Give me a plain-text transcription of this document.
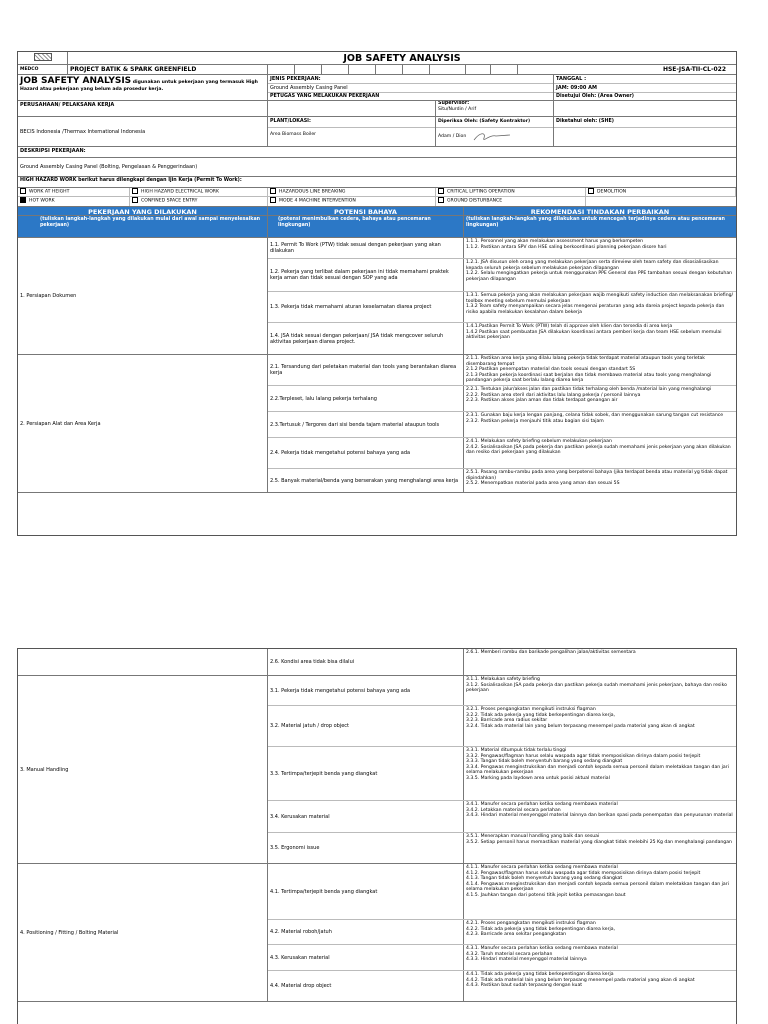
JOB SAFETY ANALYSIS
MEDCO	PROJECT BATIK & SPARK GREENFIELD	HSE-JSA-TII-CL-022
JOB SAFETY ANALYSIS digunakan untuk pekerjaan yang termasuk High
Hazard atau pekerjaan yang belum ada prosedur kerja.
JENIS PEKERJAAN:
Ground Assembly Casing Panel
PETUGAS YANG MELAKUKAN PEKERJAAN
TANGGAL :
JAM: 09:00 AM
Disetujui Oleh: (Area Owner)
PERUSAHAAN/ PELAKSANA KERJA	Supervisor:
Situ/Nurdin / Arif
BECIS Indonesia /Thermax International Indonesia
PLANT/LOKASI:
Area Biomass Boiler
Diperiksa Oleh: (Safety Kontraktor)
Adam / Dion
Diketahui oleh: (SHE)
DESKRIPSI PEKERJAAN:
Ground Assembly Casing Panel (Bolting, Pengelasan & Penggerindaan)
HIGH HAZARD WORK berikut harus dilengkapi dengan Ijin Kerja (Permit To Work):
WORK AT HEIGHT	HIGH HAZARD ELECTRICAL WORK	HAZARDOUS LINE BREAKING	CRITICAL LIFTING OPERATION	DEMOLITION
HOT WORK	CONFINED SPACE ENTRY	MODE 4 MACHINE INTERVENTION	GROUND DISTURBANCE
PEKERJAAN YANG DILAKUKAN	POTENSI BAHAYA	REKOMENDASI TINDAKAN PERBAIKAN
(tuliskan langkah-langkah yang dilakukan mulai dari awal sampai menyelesaikan pekerjaan)
(potensi menimbulkan cedera, bahaya atau pencemaran lingkungan)
(tuliskan langkah-langkah yang dilakukan untuk mencegah terjadinya cedera atau pencemaran lingkungan)
1. Persiapan Dokumen
1.1. Permit To Work (PTW) tidak sesuai dengan pekerjaan yang akan dilakukan
1.1.1. Personnel yang akan melakukan assessment harus yang berkompeten
1.1.2. Pastikan antara SPV dan HSE saling berkoordinasi planning pekerjaan disore hari
1.2. Pekerja yang terlibat dalam pekerjaan ini tidak memahami praktek kerja aman dan tidak sesuai dengan SOP yang ada
1.2.1. JSA disusun oleh orang yang melakukan pekerjaan serta direview oleh team safety dan disosialisasikan kepada seluruh pekerja sebelum melakukan pekerjaan dilapangan
1.2.2. Selalu mengingatkan pekerja untuk menggunakan PPE General dan PPE tambahan sesuai dengan kebutuhan pekerjaan dilapangan
1.3. Pekerja tidak memahami aturan keselamatan diarea project
1.3.1. Semua pekerja yang akan melakukan pekerjaan wajib mengikuti safety induction dan melaksanakan briefing/ toolbox meeting sebelum memulai pekerjaan
1.3.2 Team safety menyampaikan secara jelas mengenai peraturan yang ada dareia project kepada pekerja dan risiko apabila melakukan kesalahan dalam bekerja
1.4. JSA tidak sesuai dengan pekerjaan/ JSA tidak mengcover seluruh aktivitas pekerjaan diarea project.
1.4.1.Pastikan Permit To Work (PTW) telah di approve oleh klien dan tersedia di area kerja
1.4.2 Pastikan saat pembuatan JSA dilakukan koordinasi antara pemberi kerja dan team HSE sebelum memulai aktivitas pekerjaan
2. Persiapan Alat dan Area Kerja
2.1. Tersandung dari peletakan material dan tools yang berantakan diarea kerja
2.1.1. Pastikan area kerja yang dilalu lalang pekerja tidak terdapat material ataupun tools yang terletak disembarang tempat
2.1.2 Pastikan penempatan material dan tools sesuai dengan standart 5S
2.1.3 Pastikan pekerja koordinasi saat berjalan dan tidak membawa material atau tools yang menghalangi pandangan pekerja saat berlalu lalang diarea kerja
2.2.Terpleset, lalu lalang pekerja terhalang
2.2.1. Tentukan jalur/akses jalan dan pastikan tidak terhalang oleh benda /material lain yang menghalangi
2.2.2. Pastikan area steril dari aktivitas lalu lalang pekerja / personil lainnya
2.2.3. Pastikan akses jalan aman dan tidak terdapat genangan air
2.3.Tertusuk / Tergores dari sisi benda tajam material ataupun tools
2.3.1. Gunakan baju kerja lengan panjang, celana tidak sobek, dan menggunakan sarung tangan cut resistance
2.3.2. Pastikan pekerja menjauhi titik atau bagian sisi tajam
2.4. Pekerja tidak mengetahui potensi bahaya yang ada
2.4.1. Melakukan safety briefing sebelum melakukan pekerjaan
2.4.2. Sosialisasikan JSA pada pekerja dan pastikan pekerja sudah memahami jenis pekerjaan yang akan dilakukan dan resiko dari pekerjaan yang dilakukan
2.5. Banyak material/benda yang berserakan yang menghalangi area kerja
2.5.1. Pasang rambu-rambu pada area yang berpotensi bahaya (jika terdapat benda atau material yg tidak dapat dipindahkan)
2.5.2. Menempatkan material pada area yang aman dan sesuai 5S
2.6. Kondisi area tidak bisa dilalui
2.6.1. Memberi rambu dan barikade pengalihan jalan/aktivitas sementara
3. Manual Handling
3.1. Pekerja tidak mengetahui potensi bahaya yang ada
3.1.1. Melakukan safety briefing
3.1.2. Sosialisasikan JSA pada pekerja dan pastikan pekerja sudah memahami jenis pekerjaan, bahaya dan resiko pekerjaan
3.2. Material jatuh / drop object
3.2.1. Proses pengangkatan mengikuti instruksi flagman
3.2.2. Tidak ada pekerja yang tidak berkepentingan diarea kerja,
3.2.3. Barricade area radius sekitar
3.2.4. Tidak ada material lain yang belum terpasang menempel pada material yang akan di angkat
3.3. Tertimpa/terjepit benda yang diangkat
3.3.1. Material ditumpuk tidak terlalu tinggi
3.3.2. Pengawas/flagman harus selalu waspada agar tidak memposisikan dirinya dalam posisi terjepit
3.3.3. Tangan tidak boleh menyentuh barang yang sedang diangkat
3.3.4. Pengawas menginstruksikan dan menjadi contoh kepada semua personil dalam meletakkan tangan dan jari selama melakukan pekerjaan
3.3.5. Marking pada laydown area untuk posisi aktual material
3.4. Kerusakan material
3.4.1. Manufer secara perlahan ketika sedang membawa material
3.4.2. Letakkan material secara perlahan
3.4.3. Hindari material menyenggol material lainnya dan berikan spasi pada penempatan dan penyusunan material
3.5. Ergonomi issue
3.5.1. Menerapkan manual handling yang baik dan sesuai
3.5.2. Setiap personil harus memastikan material yang diangkat tidak melebihi 25 Kg dan menghalangi pandangan
4. Positioning / Fitting / Bolting Material
4.1. Tertimpa/terjepit benda yang diangkat
4.1.1. Manufer secara perlahan ketika sedang membawa material
4.1.2. Pengawas/flagman harus selalu waspada agar tidak memposisikan dirinya dalam posisi terjepit
4.1.3. Tangan tidak boleh menyentuh barang yang sedang diangkat
4.1.4. Pengawas menginstruksikan dan menjadi contoh kepada semua personil dalam meletakkan tangan dan jari selama melakukan pekerjaan
4.1.5. Jauhkan tangan dari potensi titik jepit ketika pemasangan baut
4.2. Material roboh/jatuh
4.2.1. Proses pengangkatan mengikuti instruksi flagman
4.2.2. Tidak ada pekerja yang tidak berkepentingan diarea kerja,
4.2.3. Barricade area sekitar pengangkatan
4.3. Kerusakan material
4.3.1. Manufer secara perlahan ketika sedang membawa material
4.3.2. Taruh material secara perlahan
4.3.3. Hindari material menyenggol material lainnya
4.4. Material drop object
4.4.1. Tidak ada pekerja yang tidak berkepentingan diarea kerja
4.4.2. Tidak ada material lain yang belum terpasang menempel pada material yang akan di angkat
4.4.3. Pastikan baut sudah terpasang dengan kuat
